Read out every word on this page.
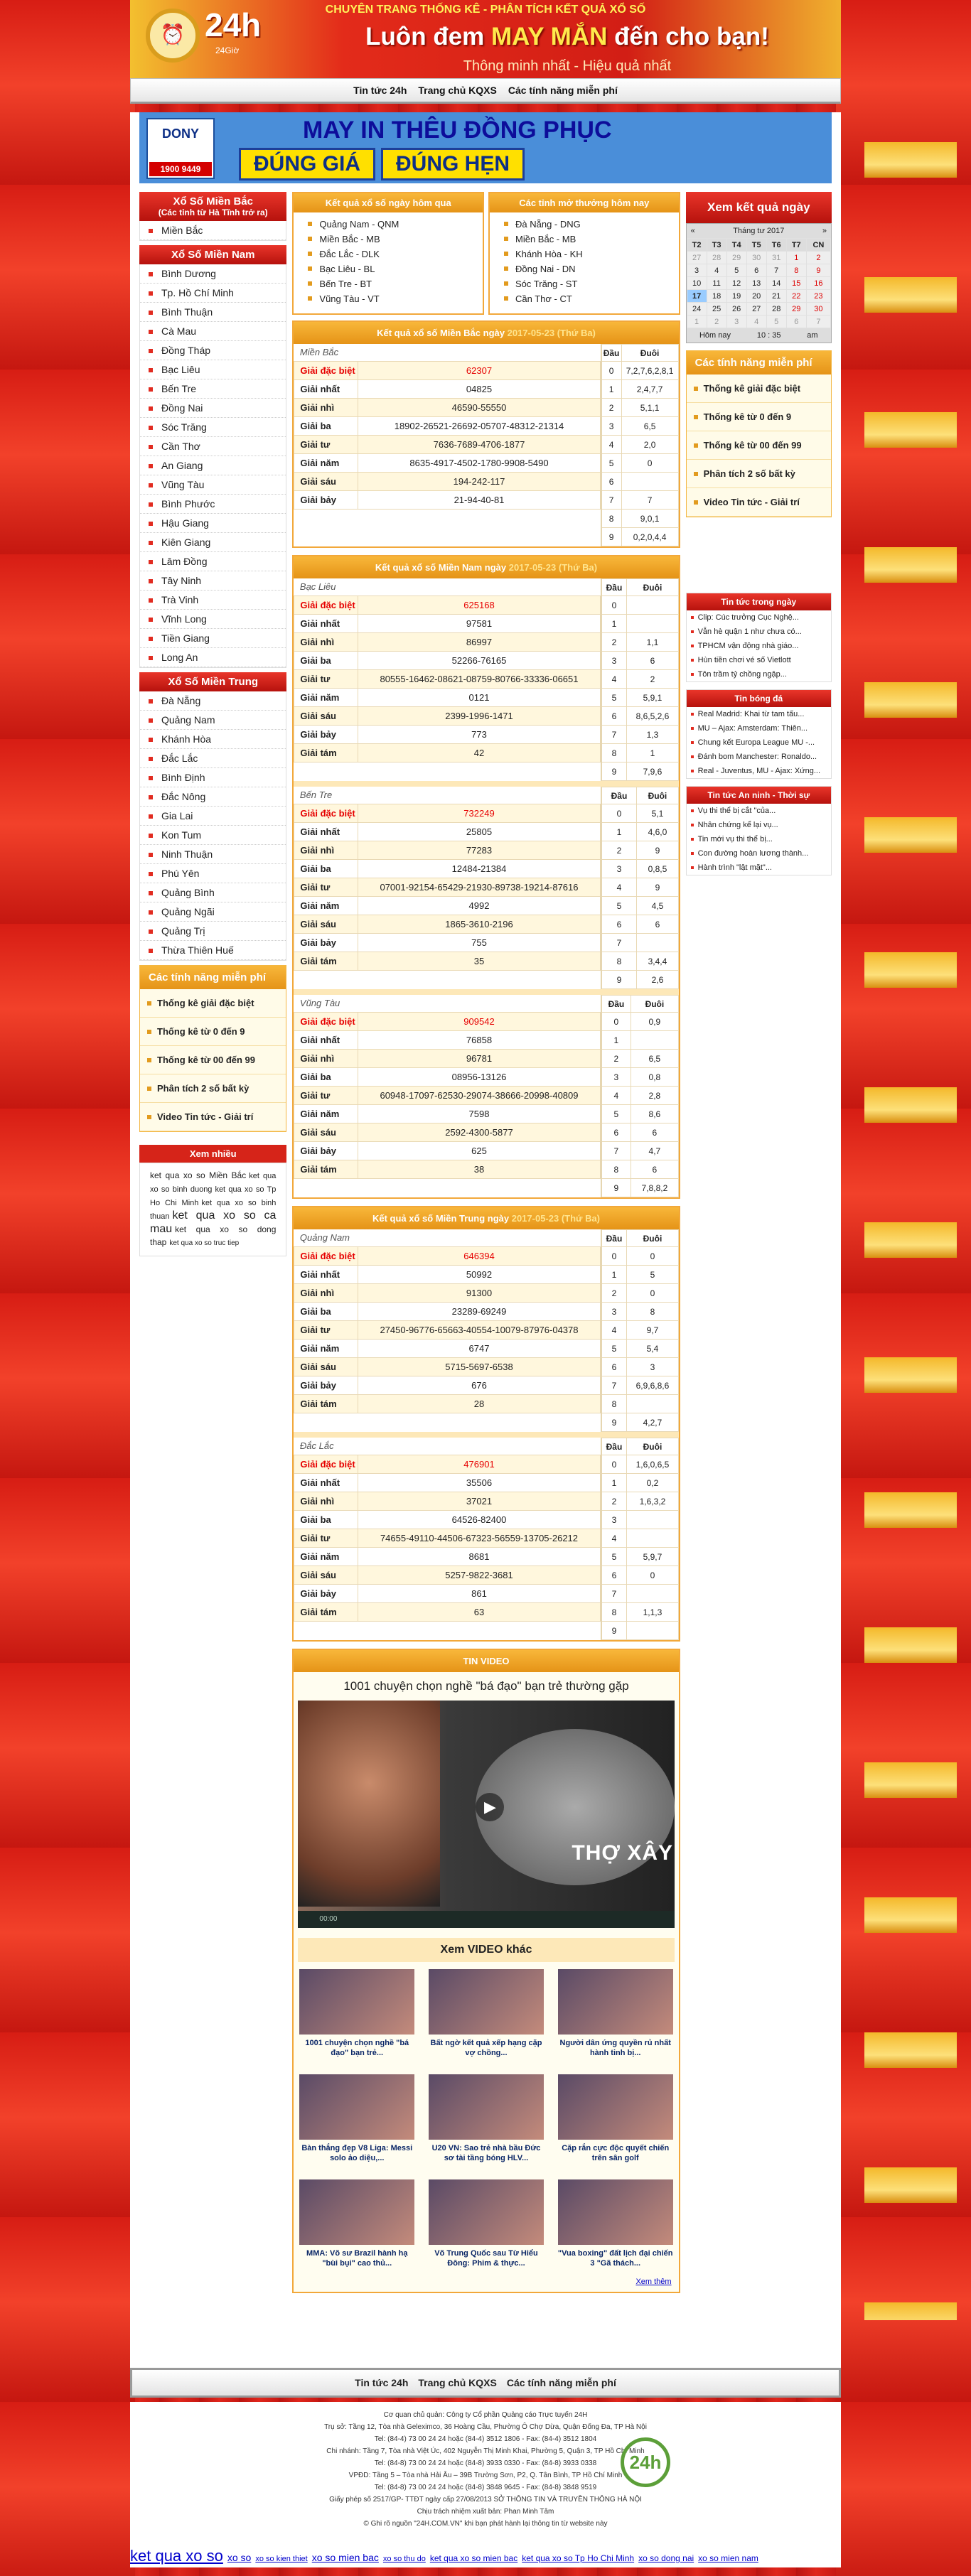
⏰ 24h
24Giờ
CHUYÊN TRANG THỐNG KÊ - PHÂN TÍCH KẾT QUẢ XỔ SỐ
Luôn đem MAY MẮN đến cho bạn!
Thông minh nhất - Hiệu quả nhất
Tin tức 24h Trang chủ KQXS Các tính năng miễn phí
DONY
1900 9449
MAY IN THÊU ĐỒNG PHỤC
ĐÚNG GIÁ	ĐÚNG HẸN
Xổ Số Miền Bắc
(Các tỉnh từ Hà Tĩnh trở ra)
Miền Bắc
Xổ Số Miền Nam
Bình Dương
Tp. Hồ Chí Minh
Bình Thuận
Cà Mau
Đồng Tháp
Bạc Liêu
Bến Tre
Đồng Nai
Sóc Trăng
Cần Thơ
An Giang
Vũng Tàu
Bình Phước
Hậu Giang
Kiên Giang
Lâm Đồng
Tây Ninh
Trà Vinh
Vĩnh Long
Tiền Giang
Long An
Xổ Số Miền Trung
Đà Nẵng
Quảng Nam
Khánh Hòa
Đắc Lắc
Bình Định
Đắc Nông
Gia Lai
Kon Tum
Ninh Thuận
Phú Yên
Quảng Bình
Quảng Ngãi
Quảng Trị
Thừa Thiên Huế
Các tính năng miễn phí
Thống kê giải đặc biệt
Thống kê từ 0 đến 9
Thống kê từ 00 đến 99
Phân tích 2 số bất kỳ
Video Tin tức - Giải trí
Xem nhiều
ket qua xo so Miền Bắc ket qua xo so binh duong ket qua xo so Tp Ho Chi Minh ket qua xo so binh thuan ket qua xo so ca mau ket qua xo so dong thap ket qua xo so truc tiep
Kết quả xổ số ngày hôm qua
Quảng Nam - QNM
Miền Bắc - MB
Đắc Lắc - DLK
Bạc Liêu - BL
Bến Tre - BT
Vũng Tàu - VT
Các tỉnh mở thưởng hôm nay
Đà Nẵng - DNG
Miền Bắc - MB
Khánh Hòa - KH
Đồng Nai - DN
Sóc Trăng - ST
Cần Thơ - CT
Kết quả xổ số Miền Bắc ngày 2017-05-23 (Thứ Ba)
Miền Bắc	
Giải đặc biệt	62307
Giải nhất	04825
Giải nhì	46590-55550
Giải ba	18902-26521-26692-05707-48312-21314
Giải tư	7636-7689-4706-1877
Giải năm	8635-4917-4502-1780-9908-5490
Giải sáu	194-242-117
Giải bảy	21-94-40-81
Đầu	Đuôi
0	7,2,7,6,2,8,1
1	2,4,7,7
2	5,1,1
3	6,5
4	2,0
5	0
6	
7	7
8	9,0,1
9	0,2,0,4,4
Kết quả xổ số Miền Nam ngày 2017-05-23 (Thứ Ba)
Bạc Liêu	
Giải đặc biệt	625168
Giải nhất	97581
Giải nhì	86997
Giải ba	52266-76165
Giải tư	80555-16462-08621-08759-80766-33336-06651
Giải năm	0121
Giải sáu	2399-1996-1471
Giải bảy	773
Giải tám	42
Đầu	Đuôi
0	
1	
2	1,1
3	6
4	2
5	5,9,1
6	8,6,5,2,6
7	1,3
8	1
9	7,9,6
Bến Tre	
Giải đặc biệt	732249
Giải nhất	25805
Giải nhì	77283
Giải ba	12484-21384
Giải tư	07001-92154-65429-21930-89738-19214-87616
Giải năm	4992
Giải sáu	1865-3610-2196
Giải bảy	755
Giải tám	35
Đầu	Đuôi
0	5,1
1	4,6,0
2	9
3	0,8,5
4	9
5	4,5
6	6
7	
8	3,4,4
9	2,6
Vũng Tàu	
Giải đặc biệt	909542
Giải nhất	76858
Giải nhì	96781
Giải ba	08956-13126
Giải tư	60948-17097-62530-29074-38666-20998-40809
Giải năm	7598
Giải sáu	2592-4300-5877
Giải bảy	625
Giải tám	38
Đầu	Đuôi
0	0,9
1	
2	6,5
3	0,8
4	2,8
5	8,6
6	6
7	4,7
8	6
9	7,8,8,2
Kết quả xổ số Miền Trung ngày 2017-05-23 (Thứ Ba)
Quảng Nam	
Giải đặc biệt	646394
Giải nhất	50992
Giải nhì	91300
Giải ba	23289-69249
Giải tư	27450-96776-65663-40554-10079-87976-04378
Giải năm	6747
Giải sáu	5715-5697-6538
Giải bảy	676
Giải tám	28
Đầu	Đuôi
0	0
1	5
2	0
3	8
4	9,7
5	5,4
6	3
7	6,9,6,8,6
8	
9	4,2,7
Đắc Lắc	
Giải đặc biệt	476901
Giải nhất	35506
Giải nhì	37021
Giải ba	64526-82400
Giải tư	74655-49110-44506-67323-56559-13705-26212
Giải năm	8681
Giải sáu	5257-9822-3681
Giải bảy	861
Giải tám	63
Đầu	Đuôi
0	1,6,0,6,5
1	0,2
2	1,6,3,2
3	
4	
5	5,9,7
6	0
7	
8	1,1,3
9	
TIN VIDEO
1001 chuyện chọn nghề "bá đạo" bạn trẻ thường gặp
THỢ XÂY
▶
00:00
Xem VIDEO khác
1001 chuyện chọn nghề "bá đạo" bạn trẻ...
Bất ngờ kết quả xếp hạng cặp vợ chồng...
Người dân ứng quyền rủ nhất hành tinh bị...
Bàn thắng đẹp V8 Liga: Messi solo ảo diệu,...
U20 VN: Sao trẻ nhà bầu Đức sơ tài tầng bóng HLV...
Cặp rắn cực độc quyết chiến trên sân golf
MMA: Võ sư Brazil hành hạ "bùi bụi" cao thủ...
Võ Trung Quốc sau Từ Hiểu Đông: Phim & thực...
"Vua boxing" đất lịch đại chiến 3 "Gã thách...
Xem thêm
Xem kết quả ngày
«	Tháng tư 2017	»
T2	T3	T4	T5	T6	T7	CN
27	28	29	30	31	1	2
3	4	5	6	7	8	9
10	11	12	13	14	15	16
17	18	19	20	21	22	23
24	25	26	27	28	29	30
1	2	3	4	5	6	7
Hôm nay	10 : 35	am
Các tính năng miễn phí
Thống kê giải đặc biệt
Thống kê từ 0 đến 9
Thống kê từ 00 đến 99
Phân tích 2 số bất kỳ
Video Tin tức - Giải trí
Tin tức trong ngày
Clip: Cúc trưởng Cục Nghệ...
Vẫn hè quận 1 như chưa có...
TPHCM vận động nhà giáo...
Hùn tiền chơi vé số Vietlott
Tôn trầm tỷ chồng ngập...
Tin bóng đá
Real Madrid: Khai từ tam tấu...
MU – Ajax: Amsterdam: Thiên...
Chung kết Europa League MU -...
Đánh bom Manchester: Ronaldo...
Real - Juventus, MU - Ajax: Xứng...
Tin tức An ninh - Thời sự
Vụ thi thể bị cắt "của...
Nhân chứng kể lại vụ...
Tin mới vụ thi thể bị...
Con đường hoàn lương thành...
Hành trình "lật mặt"...
Tin tức 24h Trang chủ KQXS Các tính năng miễn phí
Cơ quan chủ quản: Công ty Cổ phần Quảng cáo Trực tuyến 24H
Trụ sở: Tầng 12, Tòa nhà Geleximco, 36 Hoàng Cầu, Phường Ô Chợ Dừa, Quận Đống Đa, TP Hà Nội
Tel: (84-4) 73 00 24 24 hoặc (84-4) 3512 1806 - Fax: (84-4) 3512 1804
Chi nhánh: Tầng 7, Tòa nhà Việt Úc, 402 Nguyễn Thị Minh Khai, Phường 5, Quận 3, TP Hồ Chí Minh
Tel: (84-8) 73 00 24 24 hoặc (84-8) 3933 0330 - Fax: (84-8) 3933 0338
VPĐD: Tầng 5 – Tòa nhà Hải Âu – 39B Trường Sơn, P2, Q. Tân Bình, TP Hồ Chí Minh
Tel: (84-8) 73 00 24 24 hoặc (84-8) 3848 9645 - Fax: (84-8) 3848 9519
Giấy phép số 2517/GP- TTĐT ngày cấp 27/08/2013 SỞ THÔNG TIN VÀ TRUYỀN THÔNG HÀ NỘI
Chịu trách nhiệm xuất bản: Phan Minh Tâm
© Ghi rõ nguồn "24H.COM.VN" khi bạn phát hành lại thông tin từ website này
24h
ket qua xo so xo so xo so kien thiet xo so mien bac xo so thu do ket qua xo so mien bac ket qua xo so Tp Ho Chi Minh xo so dong nai xo so mien nam
